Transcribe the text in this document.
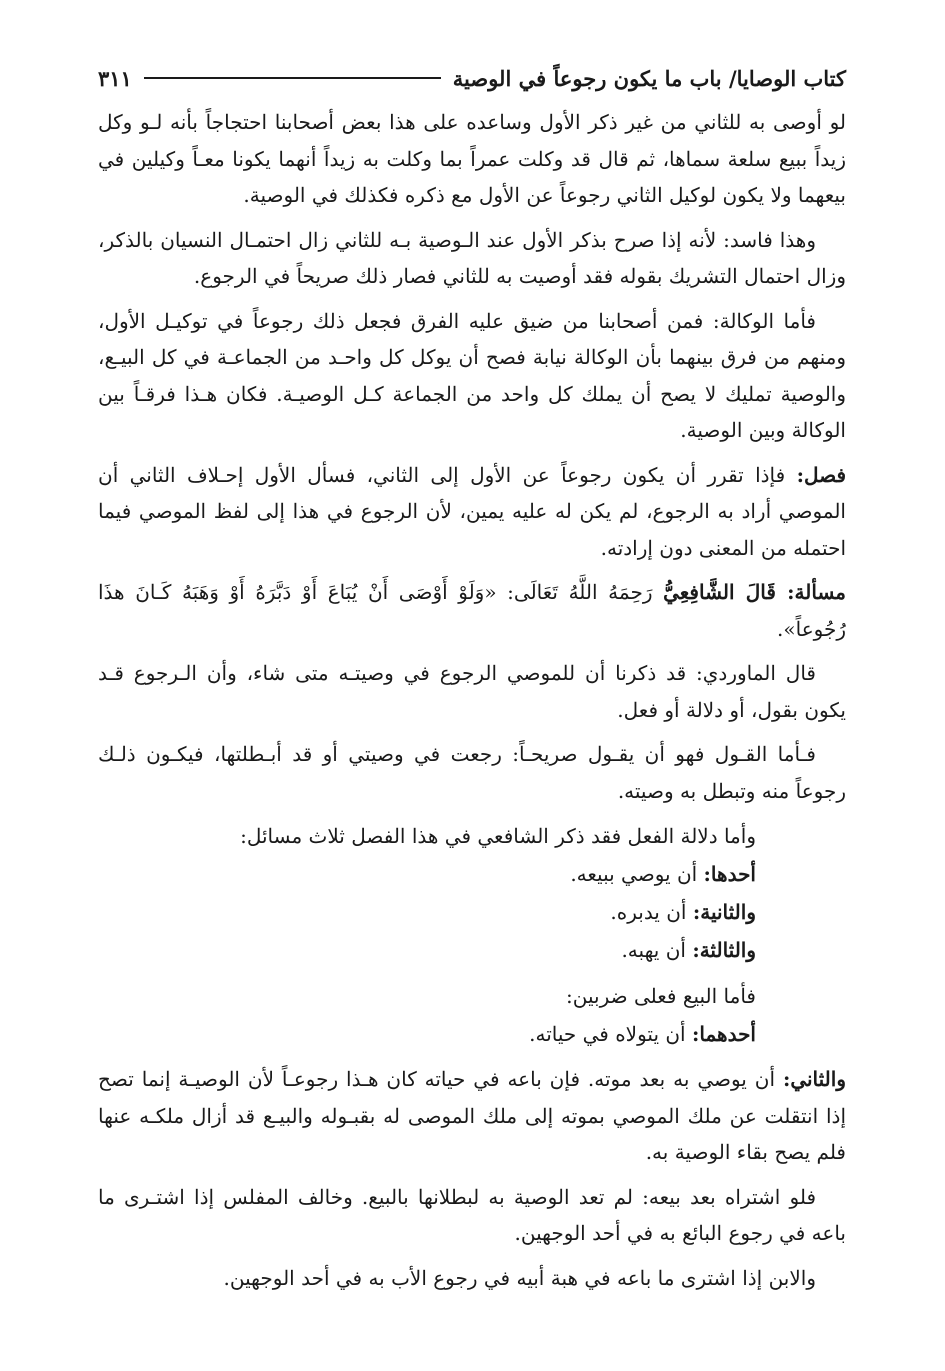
كتاب الوصايا/ باب ما يكون رجوعاً في الوصية
٣١١

لو أوصى به للثاني من غير ذكر الأول وساعده على هذا بعض أصحابنا احتجاجاً بأنه لـو وكل زيداً ببيع سلعة سماها، ثم قال قد وكلت عمراً بما وكلت به زيداً أنهما يكونا معـاً وكيلين في بيعهما ولا يكون لوكيل الثاني رجوعاً عن الأول مع ذكره فكذلك في الوصية.

وهذا فاسد: لأنه إذا صرح بذكر الأول عند الـوصية بـه للثاني زال احتمـال النسيان بالذكر، وزال احتمال التشريك بقوله فقد أوصيت به للثاني فصار ذلك صريحاً في الرجوع.

فأما الوكالة: فمن أصحابنا من ضيق عليه الفرق فجعل ذلك رجوعاً في توكيـل الأول، ومنهم من فرق بينهما بأن الوكالة نيابة فصح أن يوكل كل واحـد من الجماعـة في كل البيـع، والوصية تمليك لا يصح أن يملك كل واحد من الجماعة كـل الوصيـة. فكان هـذا فرقـاً بين الوكالة وبين الوصية.

فصل: فإذا تقرر أن يكون رجوعاً عن الأول إلى الثاني، فسأل الأول إحـلاف الثاني أن الموصي أراد به الرجوع، لم يكن له عليه يمين، لأن الرجوع في هذا إلى لفظ الموصي فيما احتمله من المعنى دون إرادته.

مسألة: قَالَ الشَّافِعِيُّ رَحِمَهُ اللَّهُ تَعَالَى: «وَلَوْ أَوْصَى أَنْ يُبَاعَ أَوْ دَبَّرَهُ أَوْ وَهَبَهُ كَـانَ هذَا رُجُوعاً».

قال الماوردي: قد ذكرنا أن للموصي الرجوع في وصيتـه متى شاء، وأن الـرجوع قـد يكون بقول، أو دلالة أو فعل.

فـأما القـول فهو أن يقـول صريحـاً: رجعت في وصيتي أو قد أبـطلتها، فيكـون ذلـك رجوعاً منه وتبطل به وصيته.

وأما دلالة الفعل فقد ذكر الشافعي في هذا الفصل ثلاث مسائل:
أحدها: أن يوصي ببيعه.
والثانية: أن يدبره.
والثالثة: أن يهبه.
فأما البيع فعلى ضربين:
أحدهما: أن يتولاه في حياته.

والثاني: أن يوصي به بعد موته. فإن باعه في حياته كان هـذا رجوعـاً لأن الوصيـة إنما تصح إذا انتقلت عن ملك الموصي بموته إلى ملك الموصى له بقبـوله والبيـع قد أزال ملكـه عنها فلم يصح بقاء الوصية به.

فلو اشتراه بعد بيعه: لم تعد الوصية به لبطلانها بالبيع. وخالف المفلس إذا اشتـرى ما باعه في رجوع البائع به في أحد الوجهين.

والابن إذا اشترى ما باعه في هبة أبيه في رجوع الأب به في أحد الوجهين.
